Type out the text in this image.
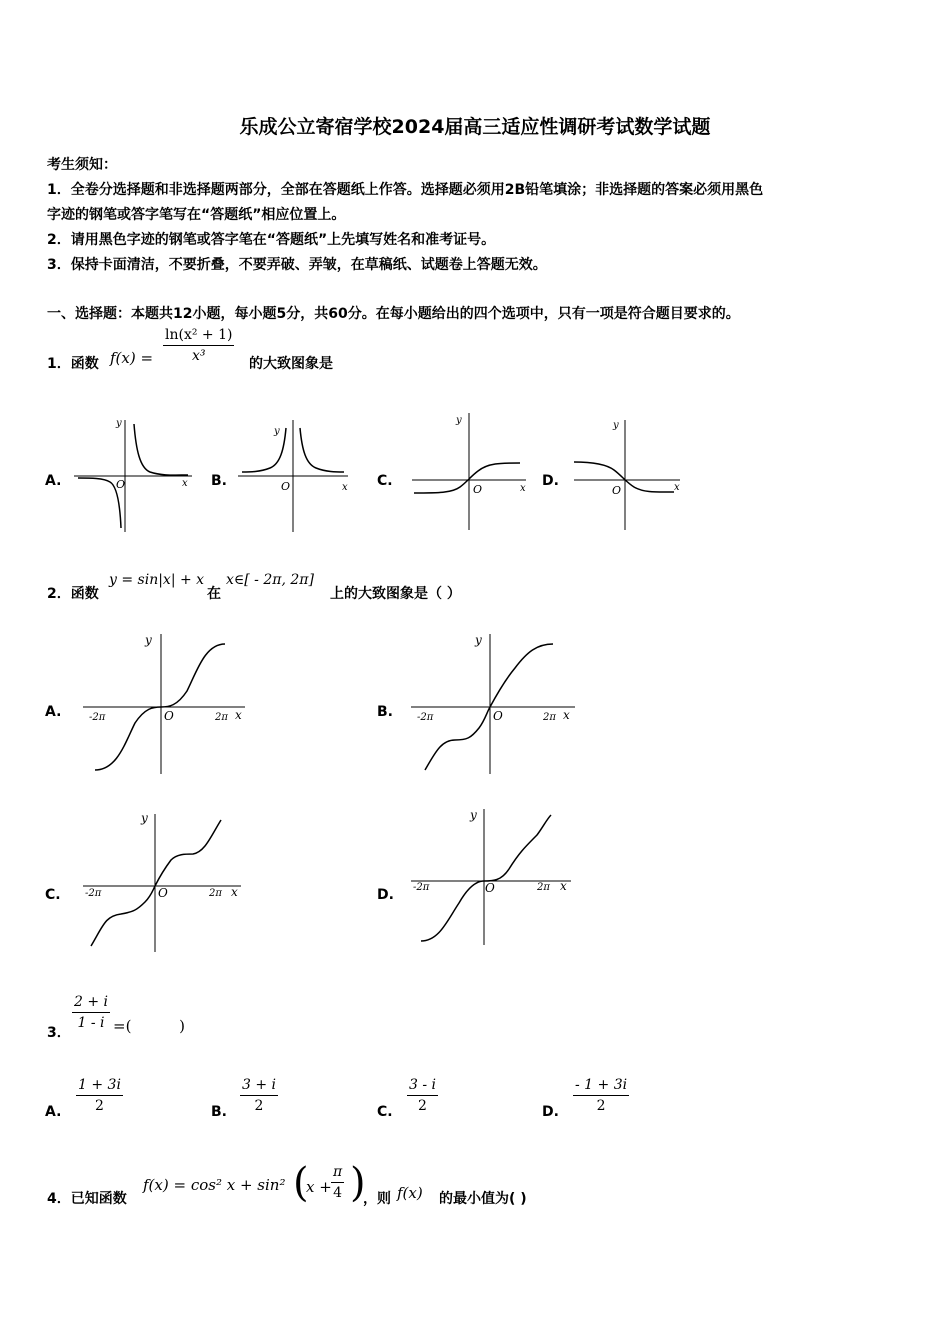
乐成公立寄宿学校2024届高三适应性调研考试数学试题
考生须知：
1．全卷分选择题和非选择题两部分，全部在答题纸上作答。选择题必须用2B铅笔填涂；非选择题的答案必须用黑色
字迹的钢笔或答字笔写在“答题纸”相应位置上。
2．请用黑色字迹的钢笔或答字笔在“答题纸”上先填写姓名和准考证号。
3．保持卡面清洁，不要折叠，不要弄破、弄皱，在草稿纸、试题卷上答题无效。
一、选择题：本题共12小题，每小题5分，共60分。在每小题给出的四个选项中，只有一项是符合题目要求的。
1．函数 $f(x) = \frac{\text{ln(x² + 1)}}{\text{x³}}$ 的大致图象是
A.	B.	C.	D.
y
x
O
y
x
O
y
x
O
y
x
O
2．函数
y = sin|x| + x
在
x∈[ - 2π, 2π]
上的大致图象是（ ）
A.	B.
C.	D.
y
x
O
-2π	2π
y
x
O
-2π	2π
y
x
O
-2π	2π
y
x
O
-2π	2π
3．
$\frac{2 + i}{1 - i}$ =(          )
A. $\frac{1 + 3i}{2}$	B. $\frac{3 + i}{2}$	C. $\frac{3 - i}{2}$	D. $\frac{- 1 + 3i}{2}$
4．已知函数
f(x) = cos² x + sin² (
$x + \frac{\pi}{4}$ )
，则 f(x) 的最小值为( )
